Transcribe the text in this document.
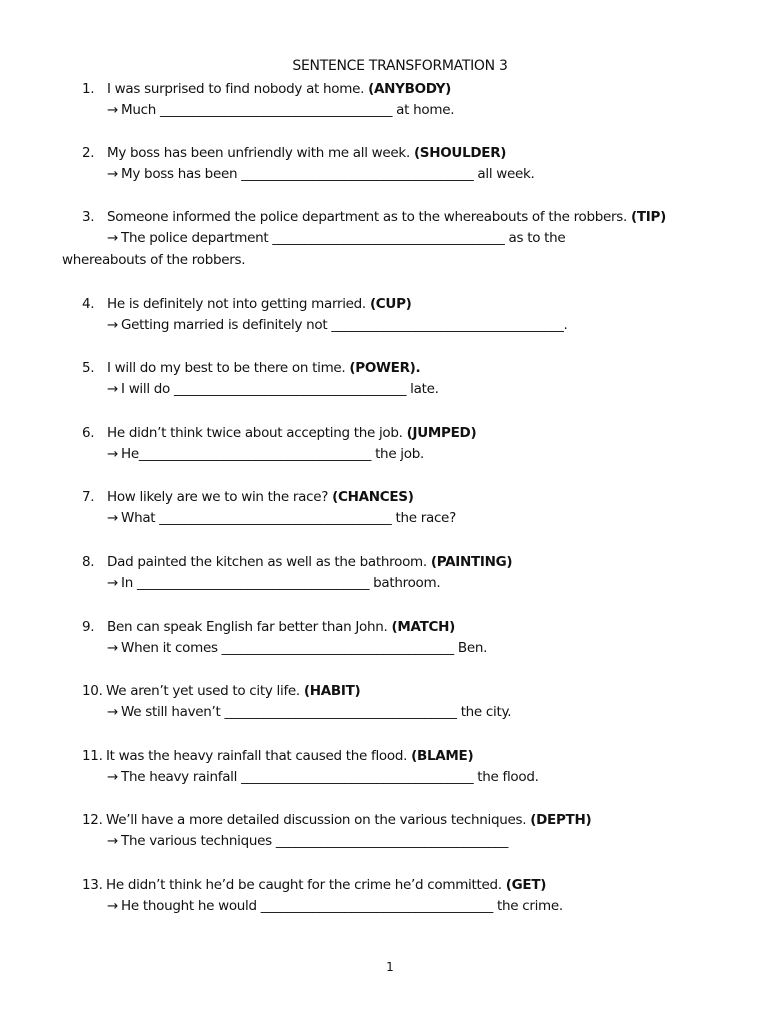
SENTENCE TRANSFORMATION 3
1. I was surprised to find nobody at home. (ANYBODY)
→ Much ____________________________________ at home.
2. My boss has been unfriendly with me all week. (SHOULDER)
→ My boss has been ____________________________________ all week.
3. Someone informed the police department as to the whereabouts of the robbers. (TIP)
→ The police department ____________________________________ as to the
whereabouts of the robbers.
4. He is definitely not into getting married. (CUP)
→ Getting married is definitely not ____________________________________.
5. I will do my best to be there on time. (POWER).
→ I will do ____________________________________ late.
6. He didn’t think twice about accepting the job. (JUMPED)
→ He____________________________________ the job.
7. How likely are we to win the race? (CHANCES)
→ What ____________________________________ the race?
8. Dad painted the kitchen as well as the bathroom. (PAINTING)
→ In ____________________________________ bathroom.
9. Ben can speak English far better than John. (MATCH)
→ When it comes ____________________________________ Ben.
10. We aren’t yet used to city life. (HABIT)
→ We still haven’t ____________________________________ the city.
11. It was the heavy rainfall that caused the flood. (BLAME)
→ The heavy rainfall ____________________________________ the flood.
12. We’ll have a more detailed discussion on the various techniques. (DEPTH)
→ The various techniques ____________________________________
13. He didn’t think he’d be caught for the crime he’d committed. (GET)
→ He thought he would ____________________________________ the crime.
1
